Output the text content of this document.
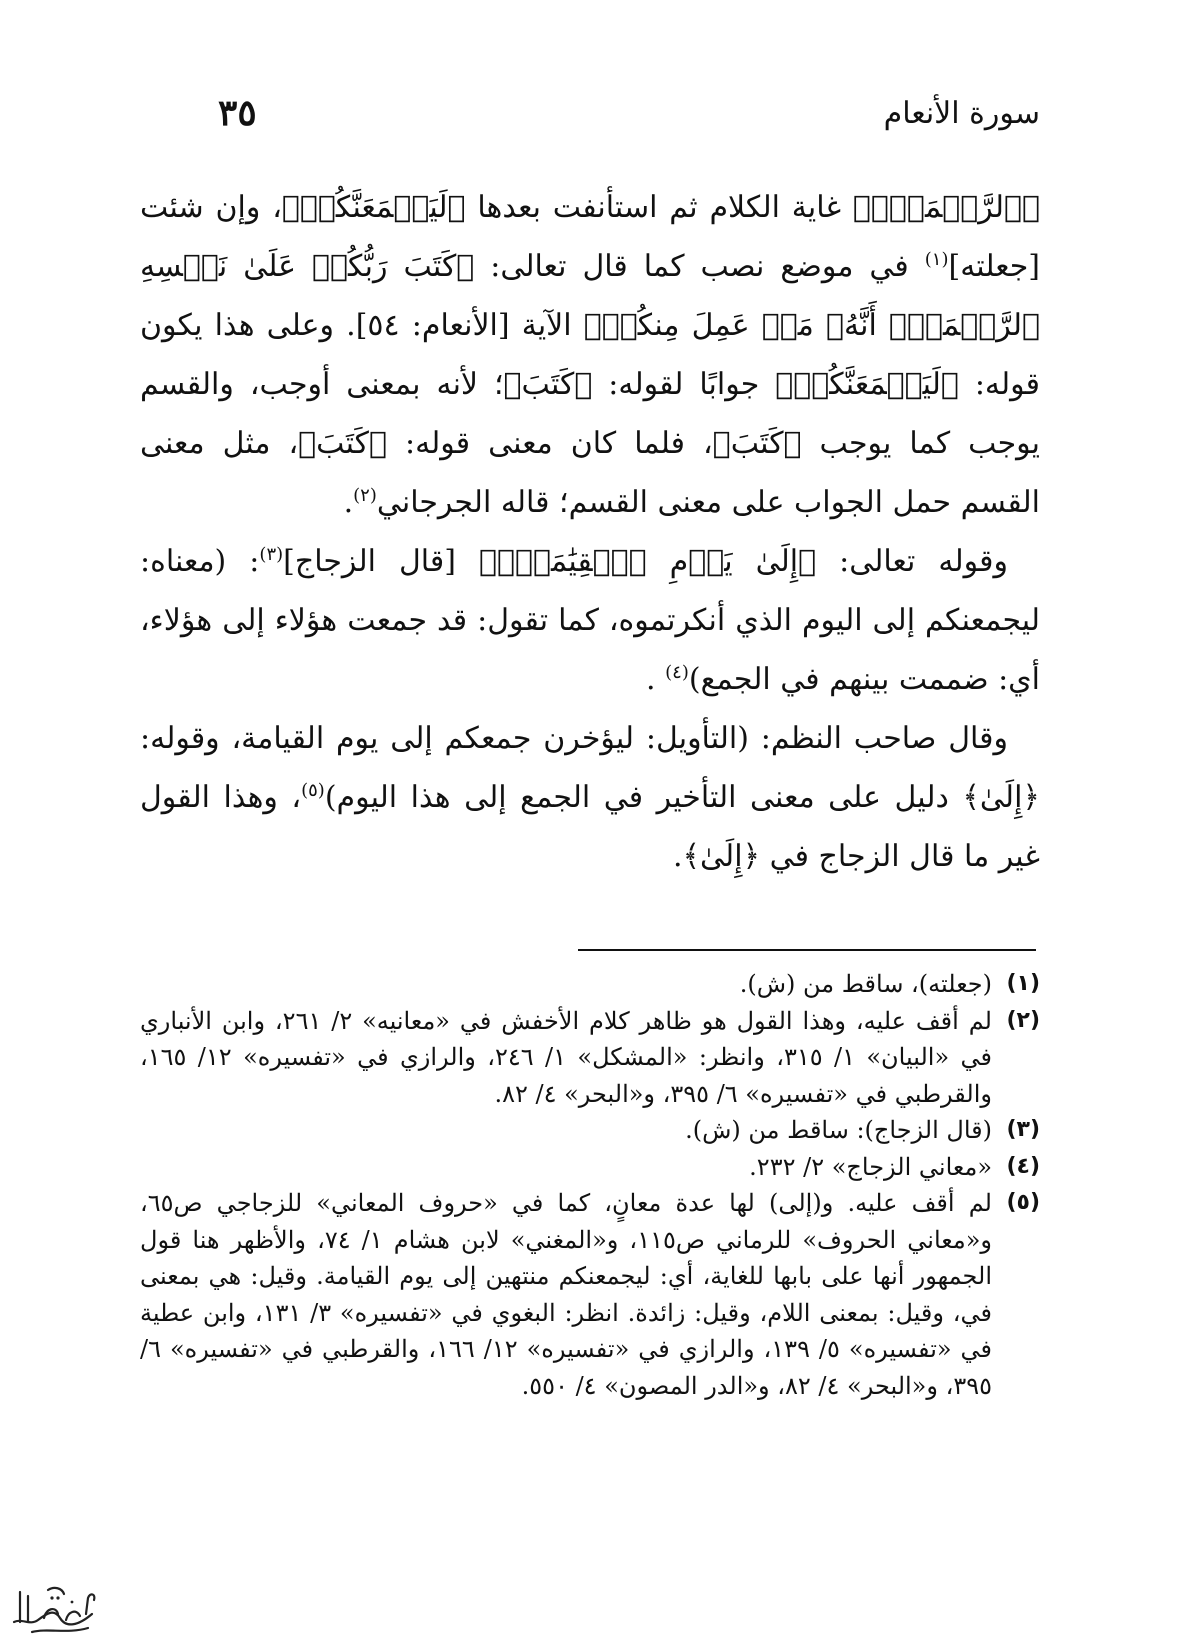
سورة الأنعام
٣٥

﴿ٱلرَّحۡمَةَۚ﴾ غاية الكلام ثم استأنفت بعدها ﴿لَيَجۡمَعَنَّكُمۡ﴾، وإن شئت [جعلته]$^{(١)}$ في موضع نصب كما قال تعالى: ﴿كَتَبَ رَبُّكُمۡ عَلَىٰ نَفۡسِهِ ٱلرَّحۡمَةَۖ أَنَّهُۥ مَنۡ عَمِلَ مِنكُمۡ﴾ الآية [الأنعام: ٥٤]. وعلى هذا يكون قوله: ﴿لَيَجۡمَعَنَّكُمۡ﴾ جوابًا لقوله: ﴿كَتَبَ﴾؛ لأنه بمعنى أوجب، والقسم يوجب كما يوجب ﴿كَتَبَ﴾، فلما كان معنى قوله: ﴿كَتَبَ﴾، مثل معنى القسم حمل الجواب على معنى القسم؛ قاله الجرجاني$^{(٢)}$.

وقوله تعالى: ﴿إِلَىٰ يَوۡمِ ٱلۡقِيَٰمَةِۚ﴾ [قال الزجاج]$^{(٣)}$: (معناه: ليجمعنكم إلى اليوم الذي أنكرتموه، كما تقول: قد جمعت هؤلاء إلى هؤلاء، أي: ضممت بينهم في الجمع)$^{(٤)}$ .

وقال صاحب النظم: (التأويل: ليؤخرن جمعكم إلى يوم القيامة، وقوله: ﴿إِلَىٰ﴾ دليل على معنى التأخير في الجمع إلى هذا اليوم)$^{(٥)}$، وهذا القول غير ما قال الزجاج في ﴿إِلَىٰ﴾.

(١)
(جعلته)، ساقط من (ش).
(٢)
لم أقف عليه، وهذا القول هو ظاهر كلام الأخفش في «معانيه» ٢/ ٢٦١، وابن الأنباري في «البيان» ١/ ٣١٥، وانظر: «المشكل» ١/ ٢٤٦، والرازي في «تفسيره» ١٢/ ١٦٥، والقرطبي في «تفسيره» ٦/ ٣٩٥، و«البحر» ٤/ ٨٢.
(٣)
(قال الزجاج): ساقط من (ش).
(٤)
«معاني الزجاج» ٢/ ٢٣٢.
(٥)
لم أقف عليه. و(إلى) لها عدة معانٍ، كما في «حروف المعاني» للزجاجي ص٦٥، و«معاني الحروف» للرماني ص١١٥، و«المغني» لابن هشام ١/ ٧٤، والأظهر هنا قول الجمهور أنها على بابها للغاية، أي: ليجمعنكم منتهين إلى يوم القيامة. وقيل: هي بمعنى في، وقيل: بمعنى اللام، وقيل: زائدة. انظر: البغوي في «تفسيره» ٣/ ١٣١، وابن عطية في «تفسيره» ٥/ ١٣٩، والرازي في «تفسيره» ١٢/ ١٦٦، والقرطبي في «تفسيره» ٦/ ٣٩٥، و«البحر» ٤/ ٨٢، و«الدر المصون» ٤/ ٥٥٠.
